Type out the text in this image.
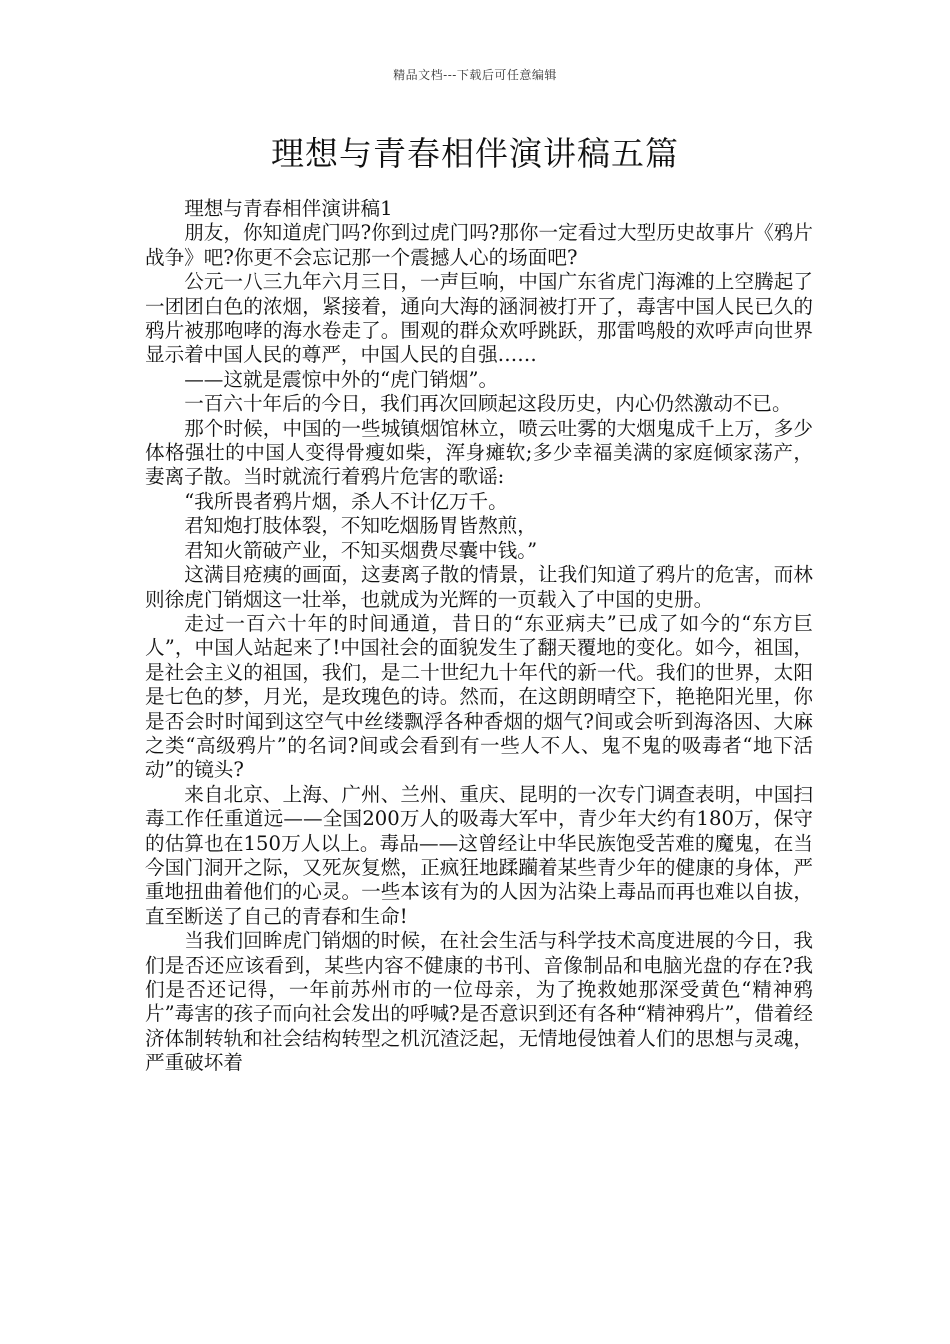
精品文档---下载后可任意编辑
理想与青春相伴演讲稿五篇

理想与青春相伴演讲稿1

朋友，你知道虎门吗?你到过虎门吗?那你一定看过大型历史故事片《鸦片战争》吧?你更不会忘记那一个震撼人心的场面吧?

公元一八三九年六月三日，一声巨响，中国广东省虎门海滩的上空腾起了一团团白色的浓烟，紧接着，通向大海的涵洞被打开了，毒害中国人民已久的鸦片被那咆哮的海水卷走了。围观的群众欢呼跳跃，那雷鸣般的欢呼声向世界显示着中国人民的尊严，中国人民的自强……

——这就是震惊中外的“虎门销烟”。

一百六十年后的今日，我们再次回顾起这段历史，内心仍然激动不已。

那个时候，中国的一些城镇烟馆林立，喷云吐雾的大烟鬼成千上万，多少体格强壮的中国人变得骨瘦如柴，浑身瘫软;多少幸福美满的家庭倾家荡产，妻离子散。当时就流行着鸦片危害的歌谣:

“我所畏者鸦片烟，杀人不计亿万千。

君知炮打肢体裂，不知吃烟肠胃皆熬煎，

君知火箭破产业，不知买烟费尽囊中钱。”

这满目疮痍的画面，这妻离子散的情景，让我们知道了鸦片的危害，而林则徐虎门销烟这一壮举，也就成为光辉的一页载入了中国的史册。

走过一百六十年的时间通道，昔日的“东亚病夫”已成了如今的“东方巨人”，中国人站起来了!中国社会的面貌发生了翻天覆地的变化。如今，祖国，是社会主义的祖国，我们，是二十世纪九十年代的新一代。我们的世界，太阳是七色的梦，月光，是玫瑰色的诗。然而，在这朗朗晴空下，艳艳阳光里，你是否会时时闻到这空气中丝缕飘浮各种香烟的烟气?间或会听到海洛因、大麻之类“高级鸦片”的名词?间或会看到有一些人不人、鬼不鬼的吸毒者“地下活动”的镜头?

来自北京、上海、广州、兰州、重庆、昆明的一次专门调查表明，中国扫毒工作任重道远——全国200万人的吸毒大军中，青少年大约有180万，保守的估算也在150万人以上。毒品——这曾经让中华民族饱受苦难的魔鬼，在当今国门洞开之际，又死灰复燃，正疯狂地蹂躏着某些青少年的健康的身体，严重地扭曲着他们的心灵。一些本该有为的人因为沾染上毒品而再也难以自拔，直至断送了自己的青春和生命!

当我们回眸虎门销烟的时候，在社会生活与科学技术高度进展的今日，我们是否还应该看到，某些内容不健康的书刊、音像制品和电脑光盘的存在?我们是否还记得，一年前苏州市的一位母亲，为了挽救她那深受黄色“精神鸦片”毒害的孩子而向社会发出的呼喊?是否意识到还有各种“精神鸦片”，借着经济体制转轨和社会结构转型之机沉渣泛起，无情地侵蚀着人们的思想与灵魂，严重破坏着
